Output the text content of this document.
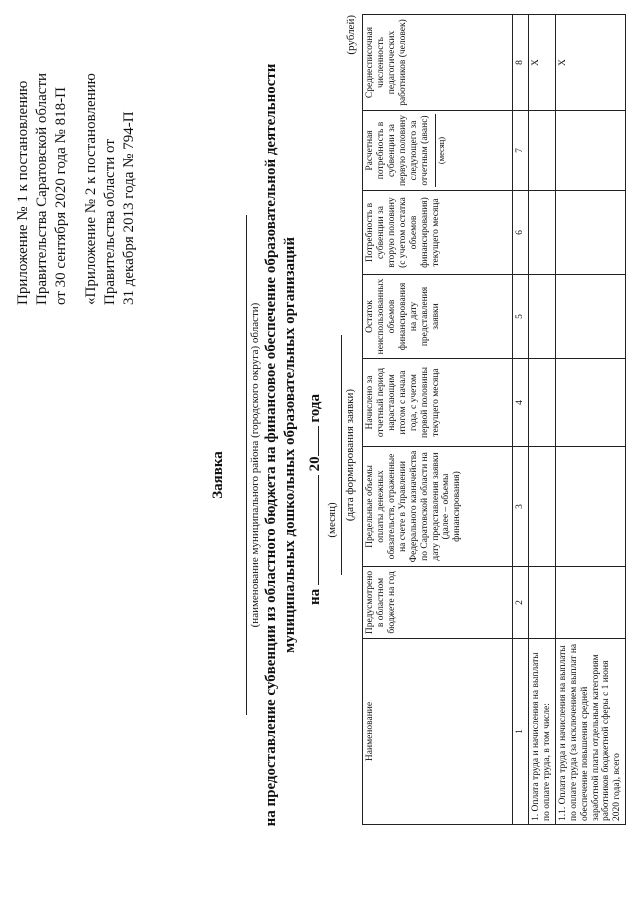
Приложение № 1 к постановлению Правительства Саратовской области от 30 сентября 2020 года № 818-П «Приложение № 2 к постановлению Правительства области от 31 декабря 2013 года № 794-П
Заявка (наименование муниципального района (городского округа) области) на предоставление субвенции из областного бюджета на финансовое обеспечение образовательной деятельности муниципальных дошкольных образовательных организаций на  20 года
(месяц) (дата формирования заявки)
(рублей)
Наименование	Предусмотрено в областном бюджете на год	Предельные объемы оплаты денежных обязательств, отраженные на счете в Управлении Федерального казначейства по Саратовской области на дату представления заявки (далее – объемы финансирования)	Начислено за отчетный период нарастающим итогом с начала года, с учетом первой половины текущего месяца	Остаток неиспользованных объемов финансирования на дату представления заявки	Потребность в субвенции за вторую половину (с учетом остатка объемов финансирования) текущего месяца	Расчетная потребность в субвенции за первую половину следующего за отчетным (аванс) (месяц)	Среднесписочная численность педагогических работников (человек)
1	2	3	4	5	6	7	8
1. Оплата труда и начисления на выплаты по оплате труда, в том числе:							X
1.1. Оплата труда и начисления на выплаты по оплате труда (за исключением выплат на обеспечение повышения средней заработной платы отдельным категориям работников бюджетной сферы с 1 июня 2020 года), всего							X
